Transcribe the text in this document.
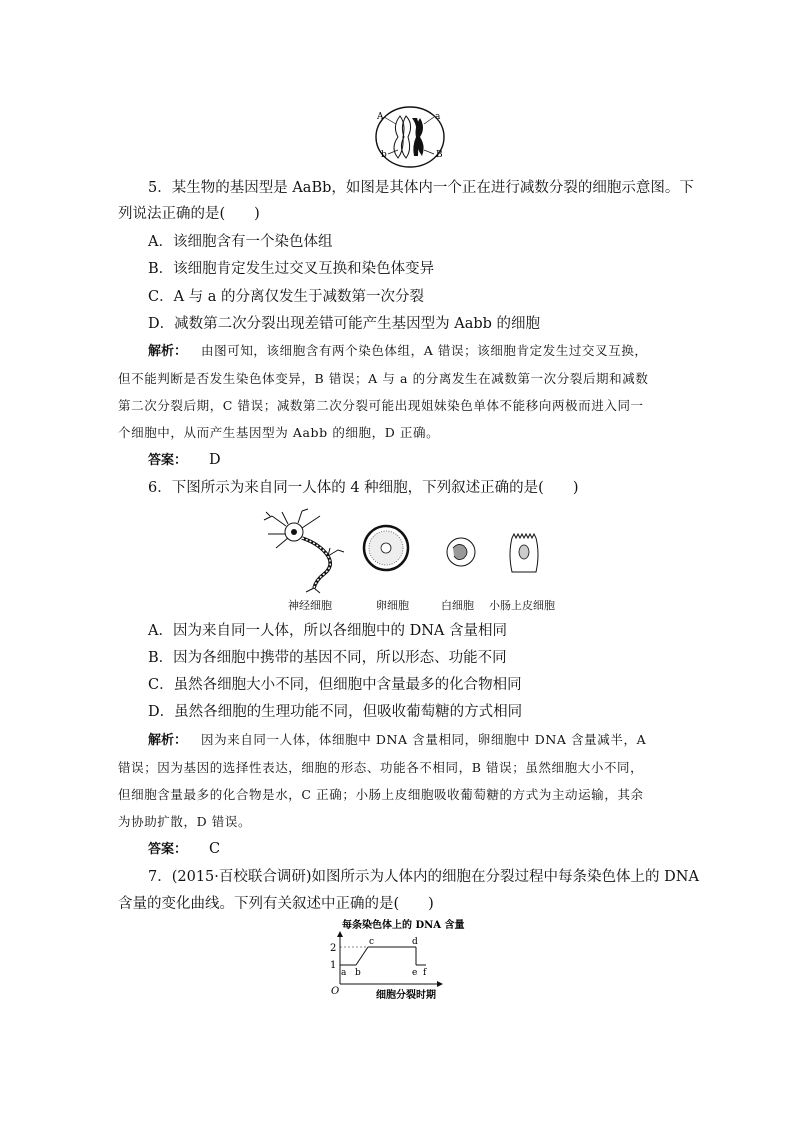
A
b
a
B
5．某生物的基因型是 AaBb，如图是其体内一个正在进行减数分裂的细胞示意图。下
列说法正确的是(　　)
A．该细胞含有一个染色体组
B．该细胞肯定发生过交叉互换和染色体变异
C．A 与 a 的分离仅发生于减数第一次分裂
D．减数第二次分裂出现差错可能产生基因型为 Aabb 的细胞
解析： 由图可知，该细胞含有两个染色体组，A 错误；该细胞肯定发生过交叉互换，
但不能判断是否发生染色体变异，B 错误；A 与 a 的分离发生在减数第一次分裂后期和减数
第二次分裂后期，C 错误；减数第二次分裂可能出现姐妹染色单体不能移向两极而进入同一
个细胞中，从而产生基因型为 Aabb 的细胞，D 正确。
答案： D
6．下图所示为来自同一人体的 4 种细胞，下列叙述正确的是(　　)
神经细胞	卵细胞	白细胞 小肠上皮细胞
A．因为来自同一人体，所以各细胞中的 DNA 含量相同
B．因为各细胞中携带的基因不同，所以形态、功能不同
C．虽然各细胞大小不同，但细胞中含量最多的化合物相同
D．虽然各细胞的生理功能不同，但吸收葡萄糖的方式相同
解析： 因为来自同一人体，体细胞中 DNA 含量相同，卵细胞中 DNA 含量减半，A
错误；因为基因的选择性表达，细胞的形态、功能各不相同，B 错误；虽然细胞大小不同，
但细胞含量最多的化合物是水，C 正确；小肠上皮细胞吸收葡萄糖的方式为主动运输，其余
为协助扩散，D 错误。
答案： C
7．(2015·百校联合调研)如图所示为人体内的细胞在分裂过程中每条染色体上的 DNA
含量的变化曲线。下列有关叙述中正确的是(　　)
每条染色体上的 DNA 含量
O
1
2
a b
c	d
e f
细胞分裂时期
